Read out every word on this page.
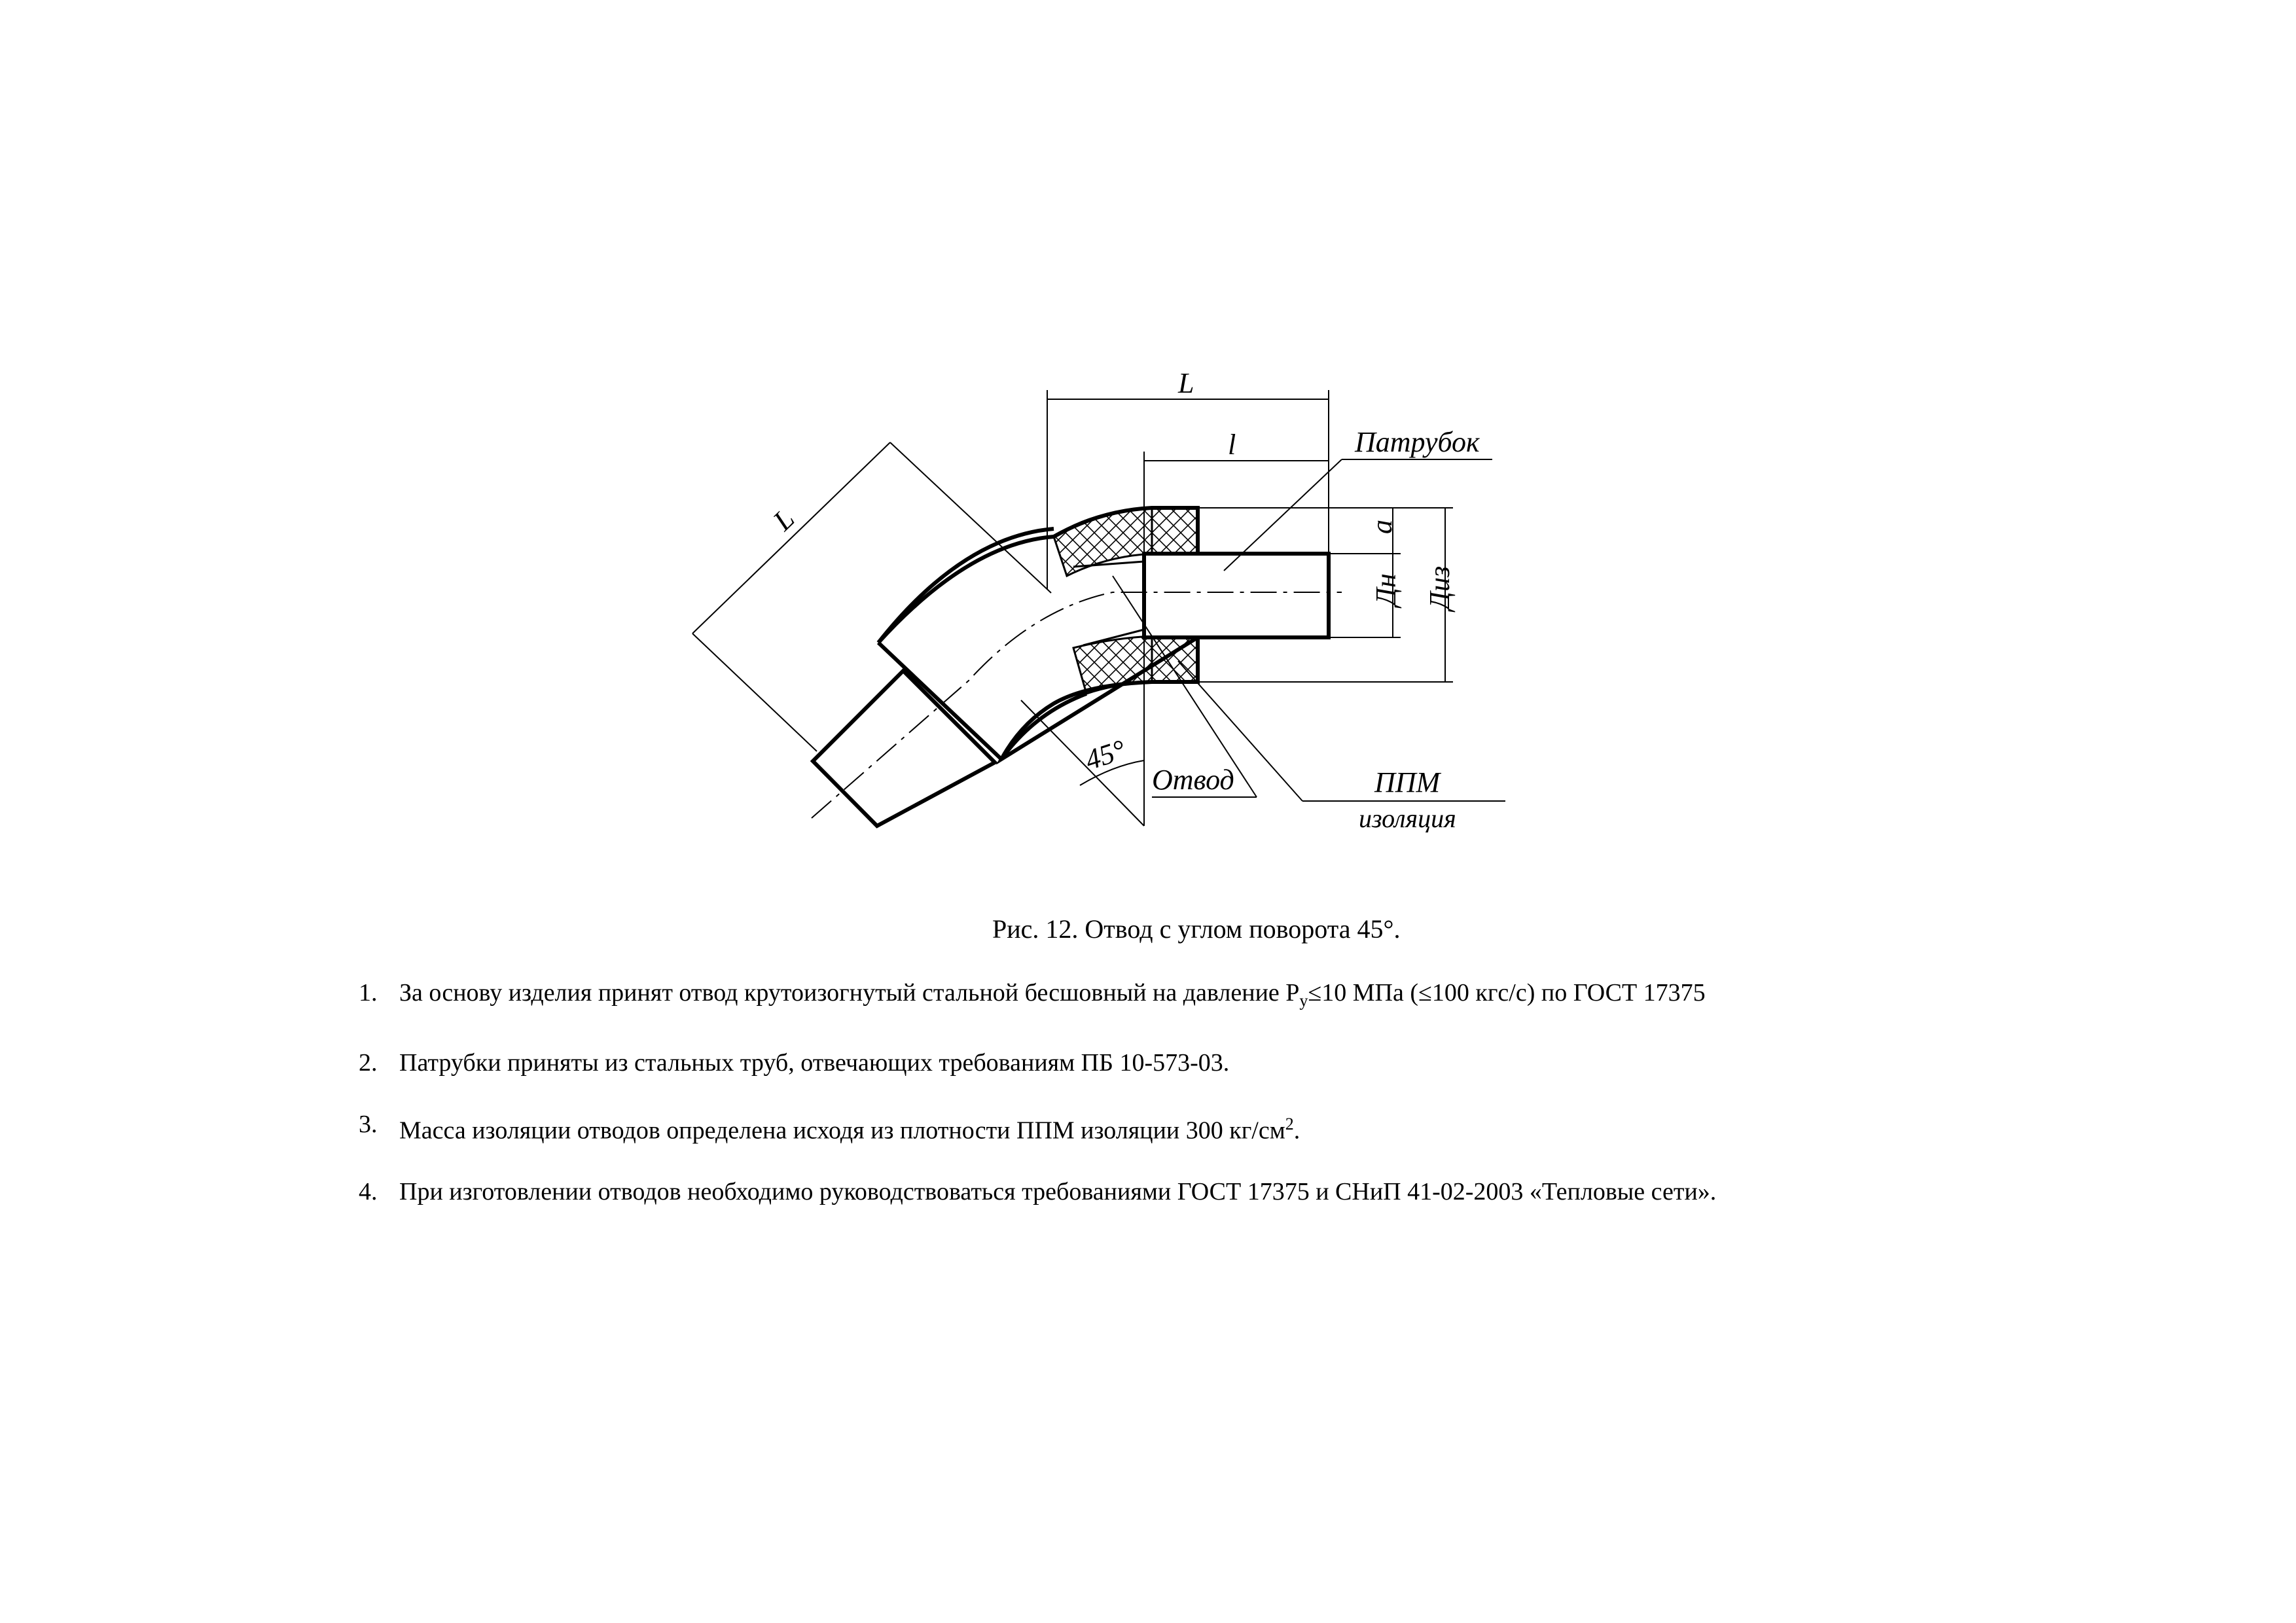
L
l
L	a
Дн Диз
45°
Патрубок
Отвод	ППМ
изоляция
Рис. 12. Отвод с углом поворота 45°.
1. За основу изделия принят отвод крутоизогнутый стальной бесшовный на давление $P_y\le 10$ МПа (≤100 кгс/с) по ГОСТ 17375
2. Патрубки приняты из стальных труб, отвечающих требованиям ПБ 10-573-03.
3. Масса изоляции отводов определена исходя из плотности ППМ изоляции 300 $кг/см^2$.
4. При изготовлении отводов необходимо руководствоваться требованиями ГОСТ 17375 и СНиП 41-02-2003 «Тепловые сети».
